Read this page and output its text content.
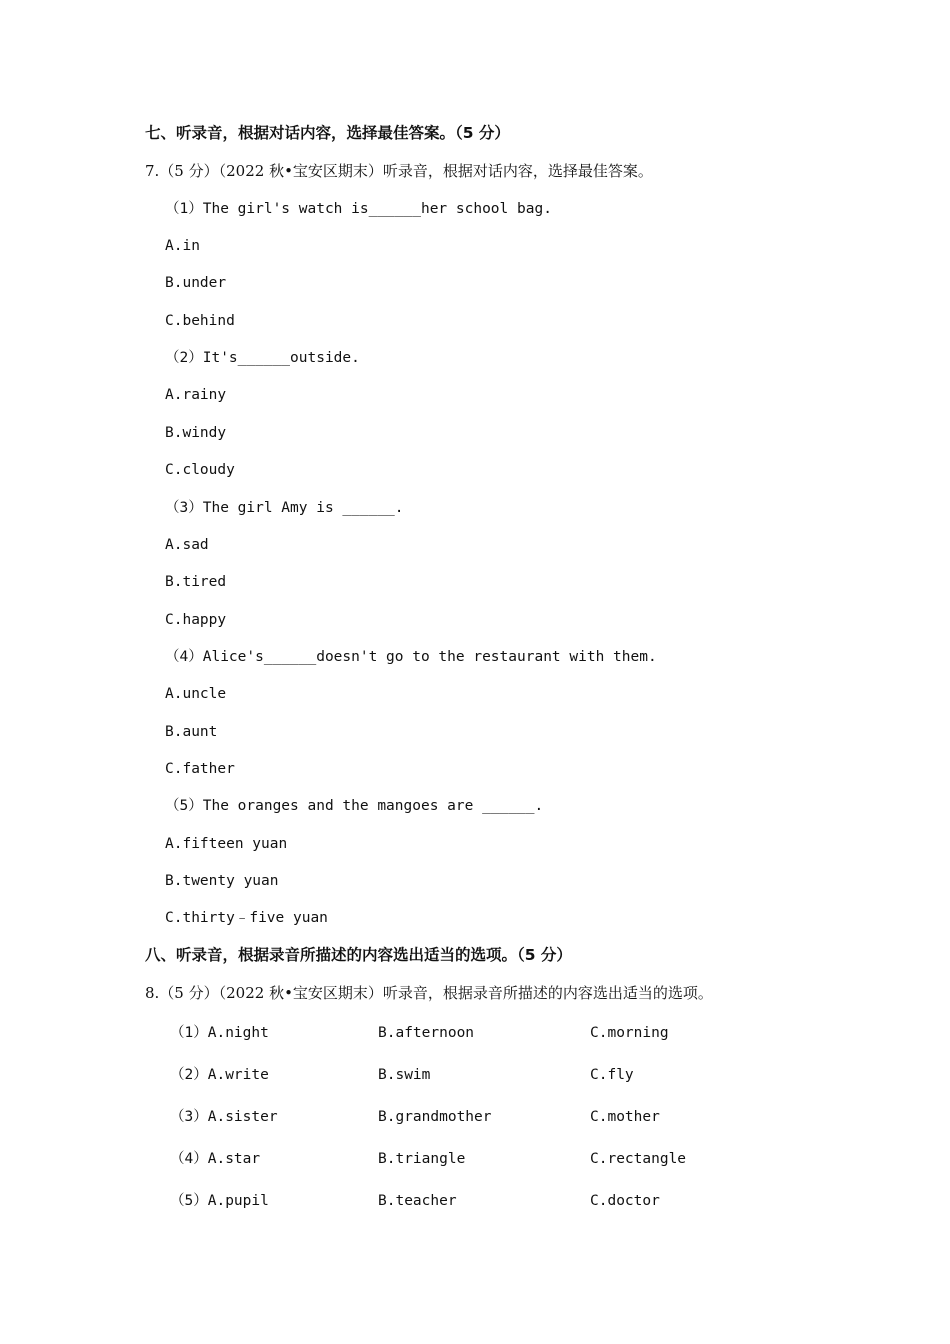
七、听录音，根据对话内容，选择最佳答案。（5 分）
7.（5 分）（2022 秋•宝安区期末）听录音，根据对话内容，选择最佳答案。
（1）The girl's watch is______her school bag.
A.in
B.under
C.behind
（2）It's______outside.
A.rainy
B.windy
C.cloudy
（3）The girl Amy is ______.
A.sad
B.tired
C.happy
（4）Alice's______doesn't go to the restaurant with them.
A.uncle
B.aunt
C.father
（5）The oranges and the mangoes are ______.
A.fifteen yuan
B.twenty yuan
C.thirty﹣five yuan
八、听录音，根据录音所描述的内容选出适当的选项。（5 分）
8.（5 分）（2022 秋•宝安区期末）听录音，根据录音所描述的内容选出适当的选项。
（1）A.night	B.afternoon	C.morning
（2）A.write	B.swim	C.fly
（3）A.sister	B.grandmother	C.mother
（4）A.star	B.triangle	C.rectangle
（5）A.pupil	B.teacher	C.doctor
